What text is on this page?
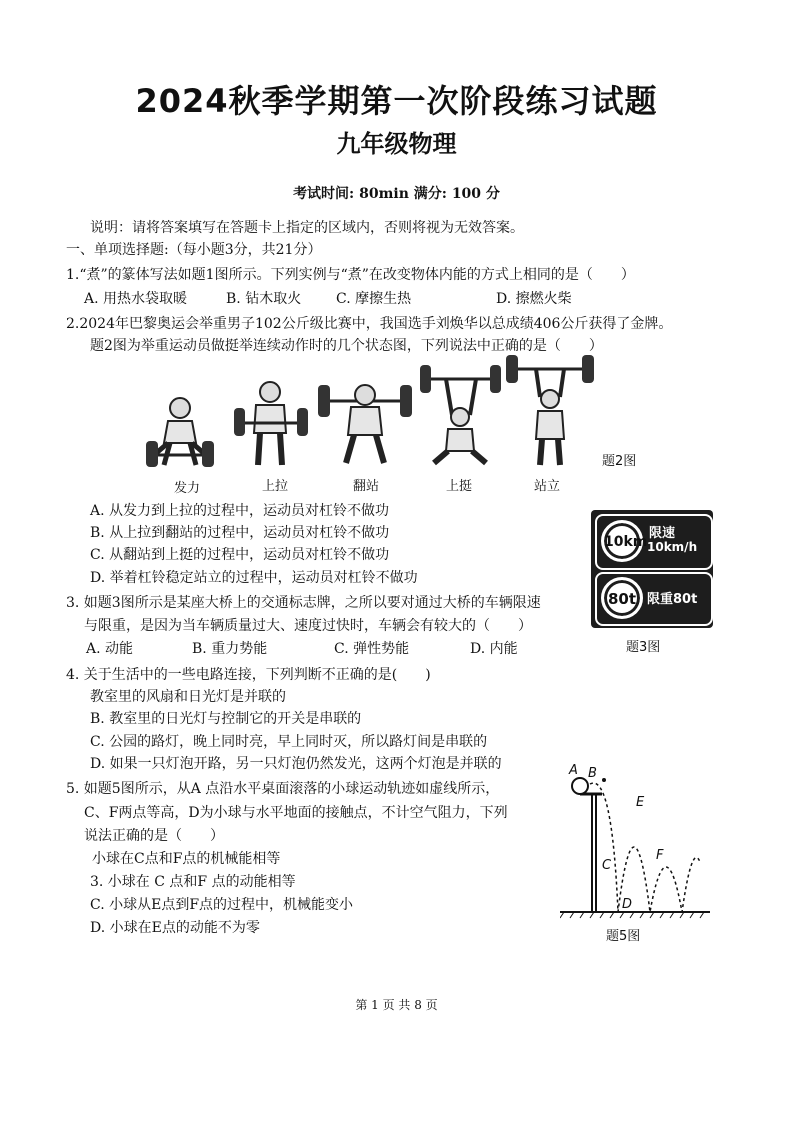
2024秋季学期第一次阶段练习试题
九年级物理
考试时间: 80min 满分: 100 分
说明：请将答案填写在答题卡上指定的区域内，否则将视为无效答案。
一、单项选择题:（每小题3分，共21分）
1.“煮”的篆体写法如题1图所示。下列实例与“煮”在改变物体内能的方式上相同的是（　　）
A. 用热水袋取暖	B. 钻木取火 C. 摩擦生热	D. 擦燃火柴
2.2024年巴黎奥运会举重男子102公斤级比赛中，我国选手刘焕华以总成绩406公斤获得了金牌。
题2图为举重运动员做挺举连续动作时的几个状态图，下列说法中正确的是（　　）
发力	上拉	翻站	上挺	站立
题2图
A. 从发力到上拉的过程中，运动员对杠铃不做功
B. 从上拉到翻站的过程中，运动员对杠铃不做功
C. 从翻站到上挺的过程中，运动员对杠铃不做功
D. 举着杠铃稳定站立的过程中，运动员对杠铃不做功
10km
限速
10km/h
80t 限重80t
3. 如题3图所示是某座大桥上的交通标志牌，之所以要对通过大桥的车辆限速
与限重，是因为当车辆质量过大、速度过快时，车辆会有较大的（　　）
A. 动能	B. 重力势能	C. 弹性势能	D. 内能	题3图
4. 关于生活中的一些电路连接，下列判断不正确的是(　　)
教室里的风扇和日光灯是并联的
B. 教室里的日光灯与控制它的开关是串联的
C. 公园的路灯，晚上同时亮，早上同时灭，所以路灯间是串联的
D. 如果一只灯泡开路，另一只灯泡仍然发光，这两个灯泡是并联的
5. 如题5图所示，从A 点沿水平桌面滚落的小球运动轨迹如虚线所示，
C、F两点等高，D为小球与水平地面的接触点，不计空气阻力，下列
说法正确的是（　　）
小球在C点和F点的机械能相等
3. 小球在 C 点和F 点的动能相等
C. 小球从E点到F点的过程中，机械能变小
D. 小球在E点的动能不为零
A B
C
D
E
F
题5图
第 1 页 共 8 页
